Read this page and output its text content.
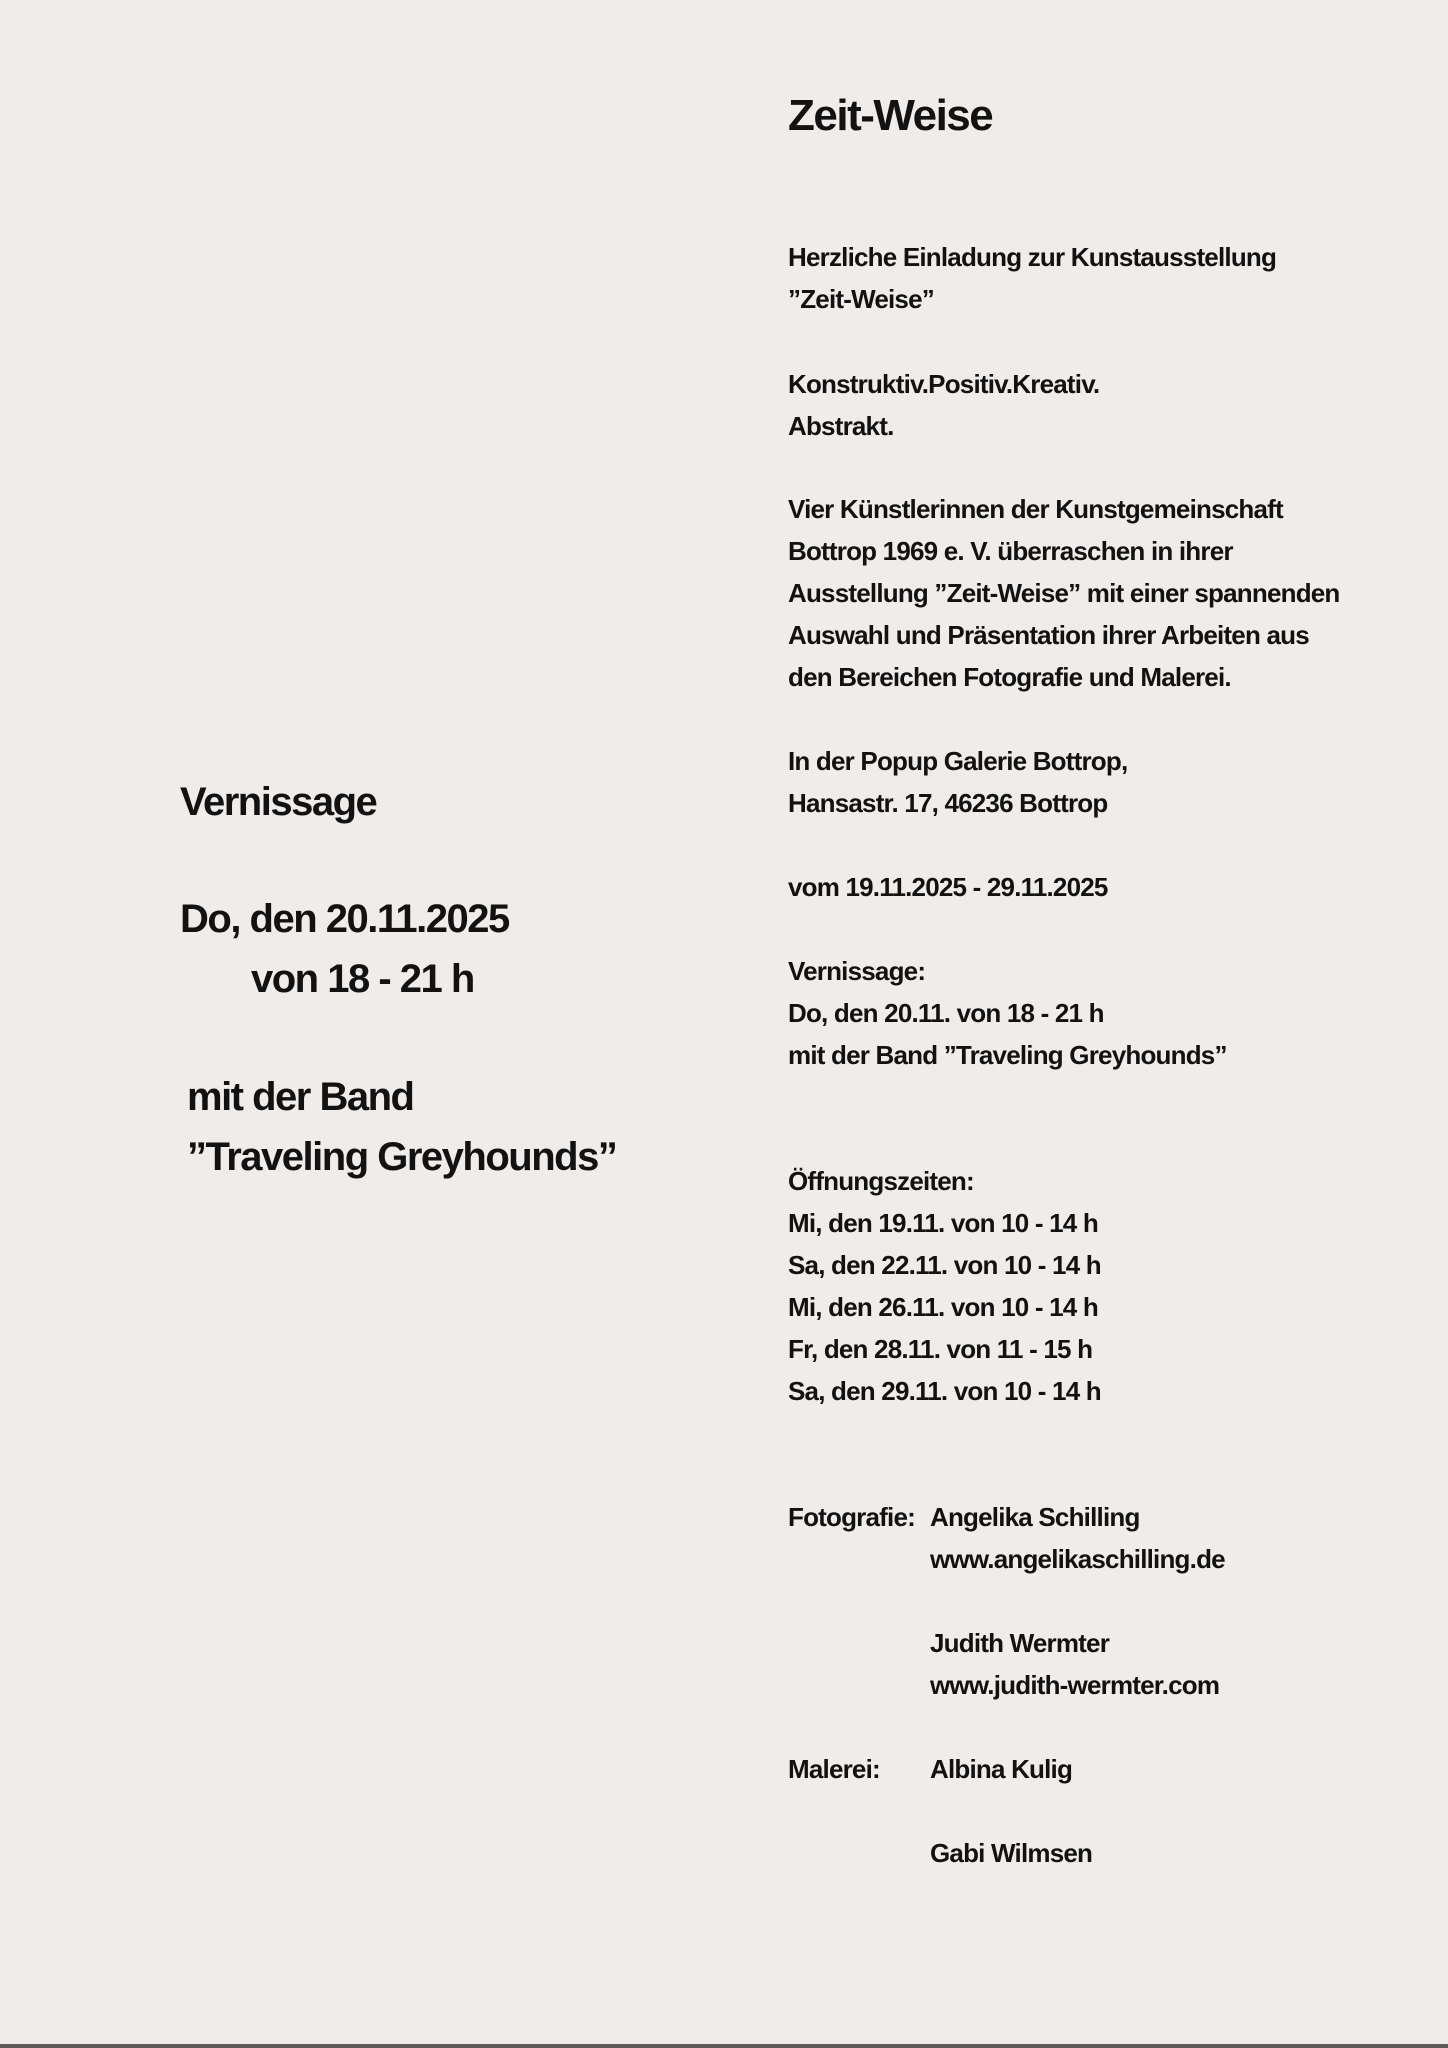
Vernissage
Do, den 20.11.2025
von 18 - 21 h
mit der Band
”Traveling Greyhounds”
Zeit-Weise
Herzliche Einladung zur Kunstausstellung
”Zeit-Weise”
Konstruktiv.Positiv.Kreativ.
Abstrakt.
Vier Künstlerinnen der Kunstgemeinschaft
Bottrop 1969 e. V. überraschen in ihrer
Ausstellung ”Zeit-Weise” mit einer spannenden
Auswahl und Präsentation ihrer Arbeiten aus
den Bereichen Fotografie und Malerei.
In der Popup Galerie Bottrop,
Hansastr. 17, 46236 Bottrop
vom 19.11.2025 - 29.11.2025
Vernissage:
Do, den 20.11. von 18 - 21 h
mit der Band ”Traveling Greyhounds”
Öffnungszeiten:
Mi, den 19.11. von 10 - 14 h
Sa, den 22.11. von 10 - 14 h
Mi, den 26.11. von 10 - 14 h
Fr, den 28.11. von 11 - 15 h
Sa, den 29.11. von 10 - 14 h
Fotografie: Angelika Schilling
www.angelikaschilling.de
Judith Wermter
www.judith-wermter.com
Malerei: Albina Kulig
Gabi Wilmsen
